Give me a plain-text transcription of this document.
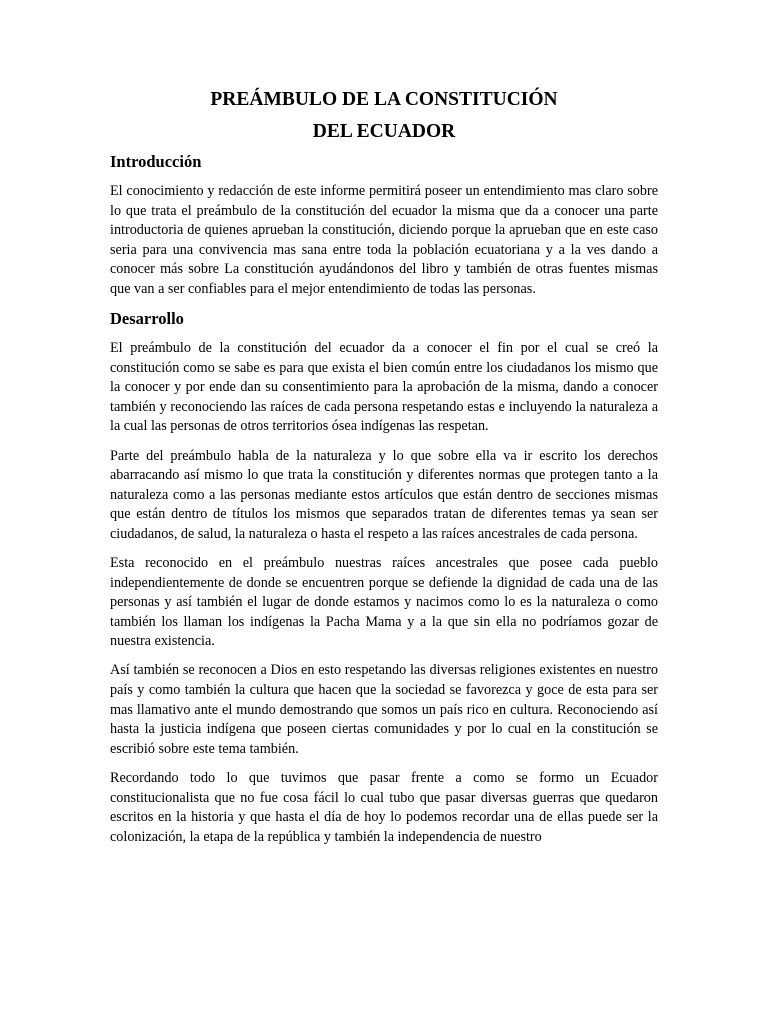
PREÁMBULO DE LA CONSTITUCIÓN
DEL ECUADOR
Introducción

El conocimiento y redacción de este informe permitirá poseer un entendimiento mas claro sobre lo que trata el preámbulo de la constitución del ecuador la misma que da a conocer una parte introductoria de quienes aprueban la constitución, diciendo porque la aprueban que en este caso seria para una convivencia mas sana entre toda la población ecuatoriana y a la ves dando a conocer más sobre La constitución ayudándonos del libro y también de otras fuentes mismas que van a ser confiables para el mejor entendimiento de todas las personas.

Desarrollo

El preámbulo de la constitución del ecuador da a conocer el fin por el cual se creó la constitución como se sabe es para que exista el bien común entre los ciudadanos los mismo que la conocer y por ende dan su consentimiento para la aprobación de la misma, dando a conocer también y reconociendo las raíces de cada persona respetando estas e incluyendo la naturaleza a la cual las personas de otros territorios ósea indígenas las respetan.

Parte del preámbulo habla de la naturaleza y lo que sobre ella va ir escrito los derechos abarracando así mismo lo que trata la constitución y diferentes normas que protegen tanto a la naturaleza como a las personas mediante estos artículos que están dentro de secciones mismas que están dentro de títulos los mismos que separados tratan de diferentes temas ya sean ser ciudadanos, de salud, la naturaleza o hasta el respeto a las raíces ancestrales de cada persona.

Esta reconocido en el preámbulo nuestras raíces ancestrales que posee cada pueblo independientemente de donde se encuentren porque se defiende la dignidad de cada una de las personas y así también el lugar de donde estamos y nacimos como lo es la naturaleza o como también los llaman los indígenas la Pacha Mama y a la que sin ella no podríamos gozar de nuestra existencia.

Así también se reconocen a Dios en esto respetando las diversas religiones existentes en nuestro país y como también la cultura que hacen que la sociedad se favorezca y goce de esta para ser mas llamativo ante el mundo demostrando que somos un país rico en cultura. Reconociendo así hasta la justicia indígena que poseen ciertas comunidades y por lo cual en la constitución se escribió sobre este tema también.

Recordando todo lo que tuvimos que pasar frente a como se formo un Ecuador constitucionalista que no fue cosa fácil lo cual tubo que pasar diversas guerras que quedaron escritos en la historia y que hasta el día de hoy lo podemos recordar una de ellas puede ser la colonización, la etapa de la república y también la independencia de nuestro
